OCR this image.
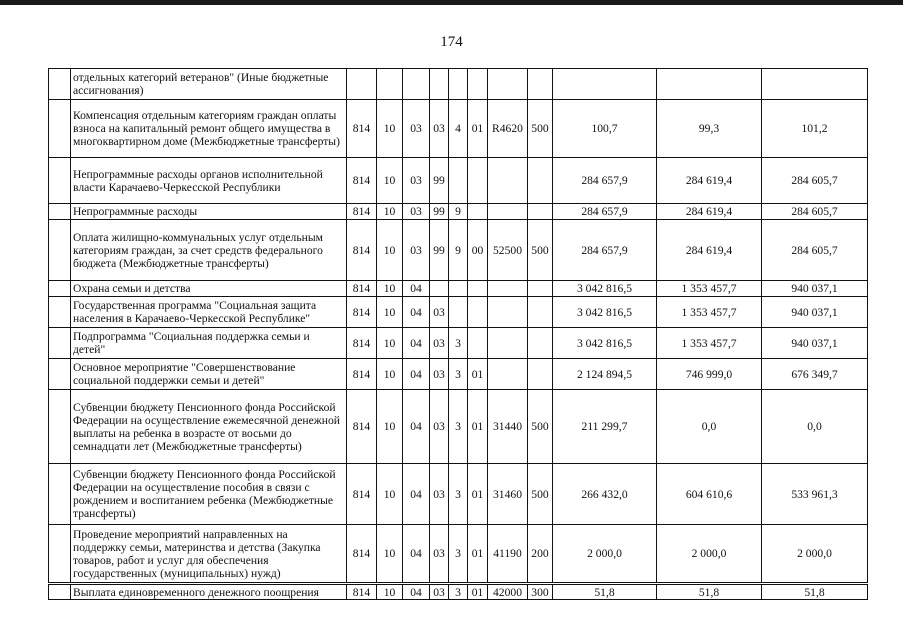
174
	отдельных категорий ветеранов" (Иные бюджетные ассигнования)											
	Компенсация отдельным категориям граждан оплаты взноса на капитальный ремонт общего имущества в многоквартирном доме (Межбюджетные трансферты)	814	10	03	03	4	01	R4620	500	100,7	99,3	101,2
	Непрограммные расходы органов исполнительной власти Карачаево-Черкесской Республики	814	10	03	99					284 657,9	284 619,4	284 605,7
	Непрограммные расходы	814	10	03	99	9				284 657,9	284 619,4	284 605,7
	Оплата жилищно-коммунальных услуг отдельным категориям граждан, за счет средств федерального бюджета (Межбюджетные трансферты)	814	10	03	99	9	00	52500	500	284 657,9	284 619,4	284 605,7
	Охрана семьи и детства	814	10	04						3 042 816,5	1 353 457,7	940 037,1
	Государственная программа "Социальная защита населения в Карачаево-Черкесской Республике"	814	10	04	03					3 042 816,5	1 353 457,7	940 037,1
	Подпрограмма "Социальная поддержка семьи и детей"	814	10	04	03	3				3 042 816,5	1 353 457,7	940 037,1
	Основное мероприятие "Совершенствование социальной поддержки семьи и детей"	814	10	04	03	3	01			2 124 894,5	746 999,0	676 349,7
	Субвенции бюджету Пенсионного фонда Российской Федерации на осуществление ежемесячной денежной выплаты на ребенка в возрасте от восьми до семнадцати лет (Межбюджетные трансферты)	814	10	04	03	3	01	31440	500	211 299,7	0,0	0,0
	Субвенции бюджету Пенсионного фонда Российской Федерации на осуществление пособия в связи с рождением и воспитанием ребенка (Межбюджетные трансферты)	814	10	04	03	3	01	31460	500	266 432,0	604 610,6	533 961,3
	Проведение мероприятий направленных на поддержку семьи, материнства и детства (Закупка товаров, работ и услуг для обеспечения государственных (муниципальных) нужд)	814	10	04	03	3	01	41190	200	2 000,0	2 000,0	2 000,0
	Выплата единовременного денежного поощрения	814	10	04	03	3	01	42000	300	51,8	51,8	51,8
